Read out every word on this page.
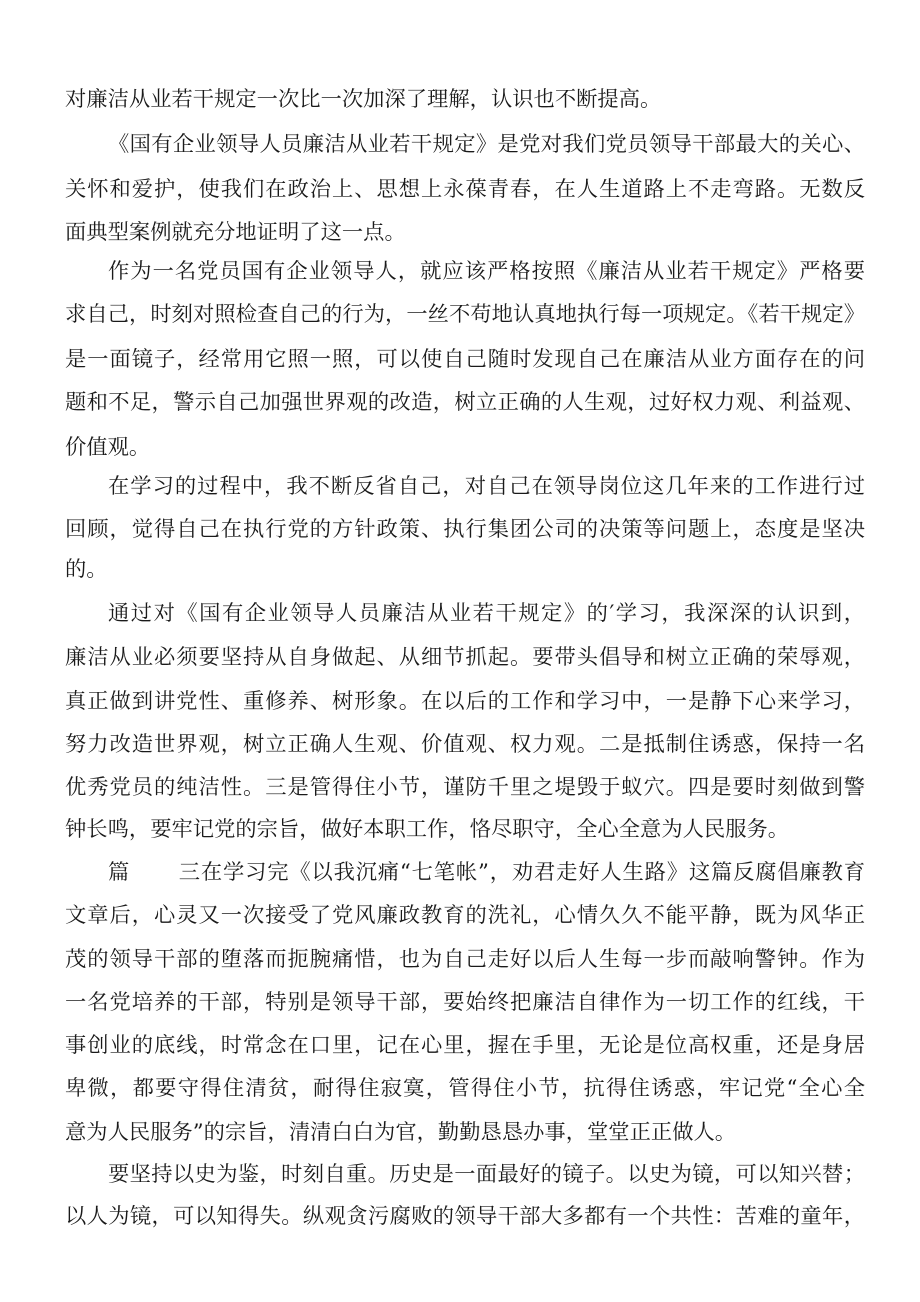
对廉洁从业若干规定一次比一次加深了理解，认识也不断提高。
《国有企业领导人员廉洁从业若干规定》是党对我们党员领导干部最大的关心、
关怀和爱护，使我们在政治上、思想上永葆青春，在人生道路上不走弯路。无数反
面典型案例就充分地证明了这一点。
作为一名党员国有企业领导人，就应该严格按照《廉洁从业若干规定》严格要
求自己，时刻对照检查自己的行为，一丝不苟地认真地执行每一项规定。《若干规定》
是一面镜子，经常用它照一照，可以使自己随时发现自己在廉洁从业方面存在的问
题和不足，警示自己加强世界观的改造，树立正确的人生观，过好权力观、利益观、
价值观。
在学习的过程中，我不断反省自己，对自己在领导岗位这几年来的工作进行过
回顾，觉得自己在执行党的方针政策、执行集团公司的决策等问题上，态度是坚决
的。
通过对《国有企业领导人员廉洁从业若干规定》的′学习，我深深的认识到，
廉洁从业必须要坚持从自身做起、从细节抓起。要带头倡导和树立正确的荣辱观，
真正做到讲党性、重修养、树形象。在以后的工作和学习中，一是静下心来学习，
努力改造世界观，树立正确人生观、价值观、权力观。二是抵制住诱惑，保持一名
优秀党员的纯洁性。三是管得住小节，谨防千里之堤毁于蚁穴。四是要时刻做到警
钟长鸣，要牢记党的宗旨，做好本职工作，恪尽职守，全心全意为人民服务。
篇三在学习完《以我沉痛“七笔帐”，劝君走好人生路》这篇反腐倡廉教育
文章后，心灵又一次接受了党风廉政教育的洗礼，心情久久不能平静，既为风华正
茂的领导干部的堕落而扼腕痛惜，也为自己走好以后人生每一步而敲响警钟。作为
一名党培养的干部，特别是领导干部，要始终把廉洁自律作为一切工作的红线，干
事创业的底线，时常念在口里，记在心里，握在手里，无论是位高权重，还是身居
卑微，都要守得住清贫，耐得住寂寞，管得住小节，抗得住诱惑，牢记党“全心全
意为人民服务”的宗旨，清清白白为官，勤勤恳恳办事，堂堂正正做人。
要坚持以史为鉴，时刻自重。历史是一面最好的镜子。以史为镜，可以知兴替；
以人为镜，可以知得失。纵观贪污腐败的领导干部大多都有一个共性：苦难的童年，
